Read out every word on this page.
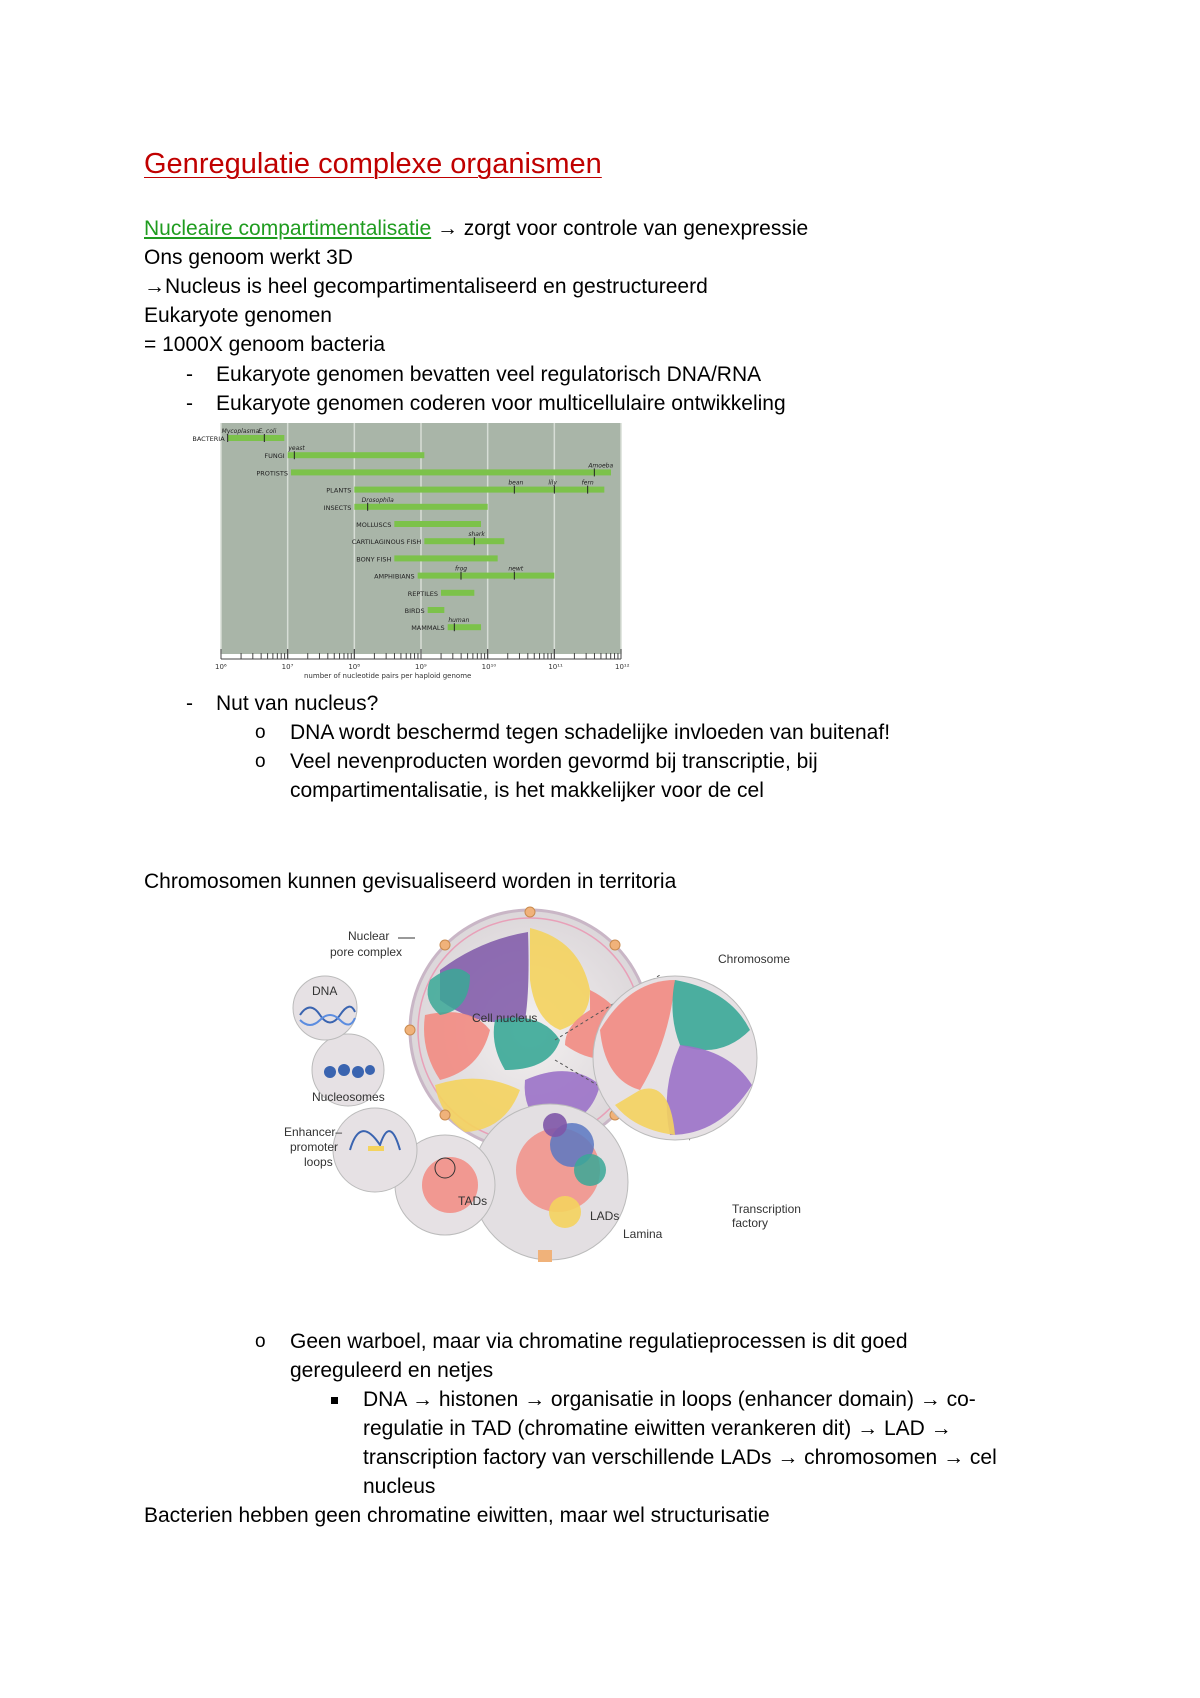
Genregulatie complexe organismen
Nucleaire compartimentalisatie → zorgt voor controle van genexpressie
Ons genoom werkt 3D
→Nucleus is heel gecompartimentaliseerd en gestructureerd
Eukaryote genomen
= 1000X genoom bacteria
- Eukaryote genomen bevatten veel regulatorisch DNA/RNA
- Eukaryote genomen coderen voor multicellulaire ontwikkeling
BACTERIA
Mycoplasma E. coli
FUNGI
yeast
PROTISTS
Amoeba
PLANTS
bean	lily	fern
INSECTS
Drosophila
MOLLUSCS
CARTILAGINOUS FISH
shark
BONY FISH
AMPHIBIANS
frog	newt
REPTILES
BIRDS
MAMMALS
human
10⁶	10⁷	10⁸	10⁹	10¹⁰	10¹¹	10¹²
number of nucleotide pairs per haploid genome
- Nut van nucleus?
o DNA wordt beschermd tegen schadelijke invloeden van buitenaf!
o Veel nevenproducten worden gevormd bij transcriptie, bij
compartimentalisatie, is het makkelijker voor de cel
Chromosomen kunnen gevisualiseerd worden in territoria
Nuclear
pore complex
Cell nucleus
Chromosome
DNA
Nucleosomes
Enhancer–
promoter
loops
TADs
LADs
Lamina
Transcription
factory
o Geen warboel, maar via chromatine regulatieprocessen is dit goed
gereguleerd en netjes
DNA → histonen → organisatie in loops (enhancer domain) → co-
regulatie in TAD (chromatine eiwitten verankeren dit) → LAD →
transcription factory van verschillende LADs → chromosomen → cel
nucleus
Bacterien hebben geen chromatine eiwitten, maar wel structurisatie
